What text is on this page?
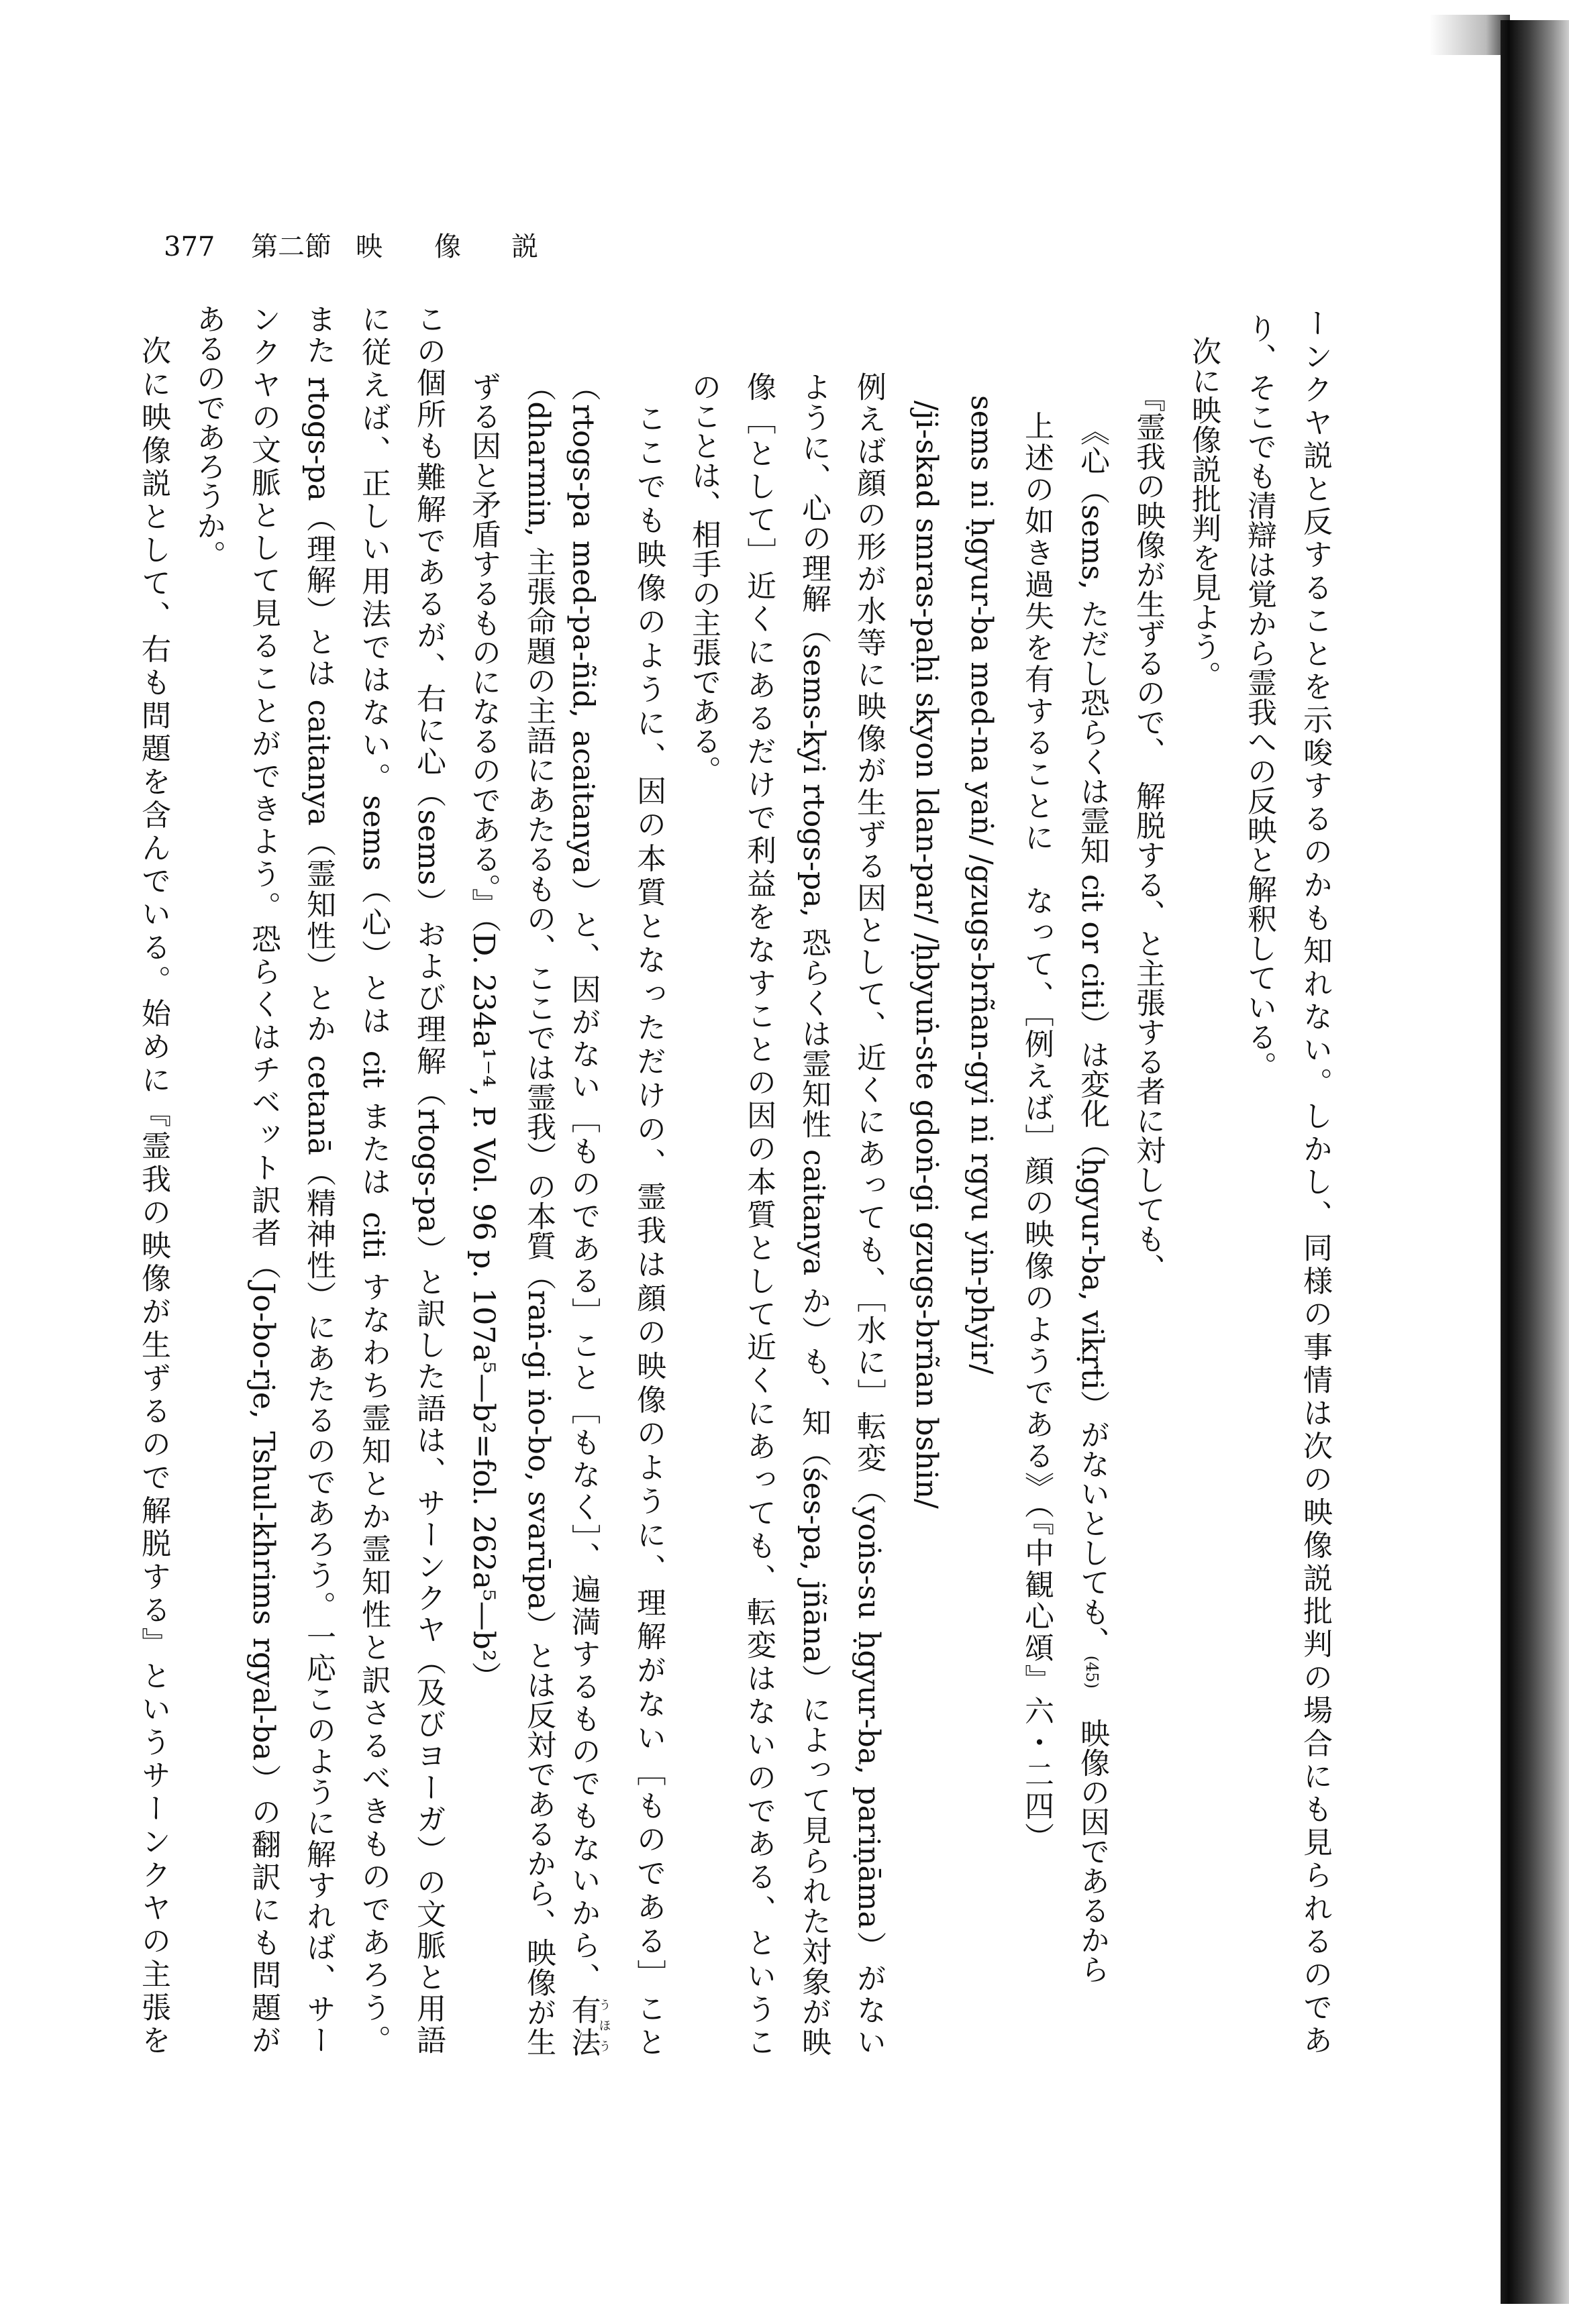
377 第二節 映 像 説
ーンクヤ説と反することを示唆するのかも知れない。しかし、同様の事情は次の映像説批判の場合にも見られるのであ
り、そこでも清辯は覚から霊我への反映と解釈している。
次に映像説批判を見よう。
『霊我の映像が生ずるので、　解脱する、と主張する者に対しても、
《心（sems, ただし恐らくは霊知 cit or citi）は変化（ḥgyur-ba, vikṛti）がないとしても、(45)　映像の因であるから
上述の如き過失を有することに　なって、［例えば］顔の映像のようである》（『中観心頌』六・二四）
sems ni ḥgyur-ba med-na yaṅ/ /gzugs-brñan-gyi ni rgyu yin-phyir/
/ji-skad smras-paḥi skyon ldan-par/ /ḥbyuṅ-ste gdoṅ-gi gzugs-brñan bshin/
例えば顔の形が水等に映像が生ずる因として、近くにあっても、［水に］転変（yoṅs-su ḥgyur-ba, pariṇāma）がない
ように、心の理解（sems-kyi rtogs-pa, 恐らくは霊知性 caitanya か）も、知（śes-pa, jñāna）によって見られた対象が映
像［として］近くにあるだけで利益をなすことの因の本質として近くにあっても、転変はないのである、というこ
のことは、相手の主張である。
ここでも映像のように、因の本質となっただけの、霊我は顔の映像のように、理解がない［ものである］こと
（rtogs-pa med-pa-ñid, acaitanya）と、因がない［ものである］こと［もなく］、遍満するものでもないから、有法うほう
（dharmin, 主張命題の主語にあたるもの、ここでは霊我）の本質（raṅ-gi ṅo-bo, svarūpa）とは反対であるから、映像が生
ずる因と矛盾するものになるのである。』（D. 234a¹⁻⁴, P. Vol. 96 p. 107a⁵—b²=fol. 262a⁵—b²）
この個所も難解であるが、右に心（sems）および理解（rtogs-pa）と訳した語は、サーンクヤ（及びヨーガ）の文脈と用語
に従えば、正しい用法ではない。sems（心）とは cit または citi すなわち霊知とか霊知性と訳さるべきものであろう。
また rtogs-pa（理解）とは caitanya（霊知性）とか cetanā（精神性）にあたるのであろう。一応このように解すれば、サー
ンクヤの文脈として見ることができよう。恐らくはチベット訳者（Jo-bo-rje, Tshul-khrims rgyal-ba）の翻訳にも問題が
あるのであろうか。
次に映像説として、右も問題を含んでいる。始めに『霊我の映像が生ずるので解脱する』というサーンクヤの主張を
